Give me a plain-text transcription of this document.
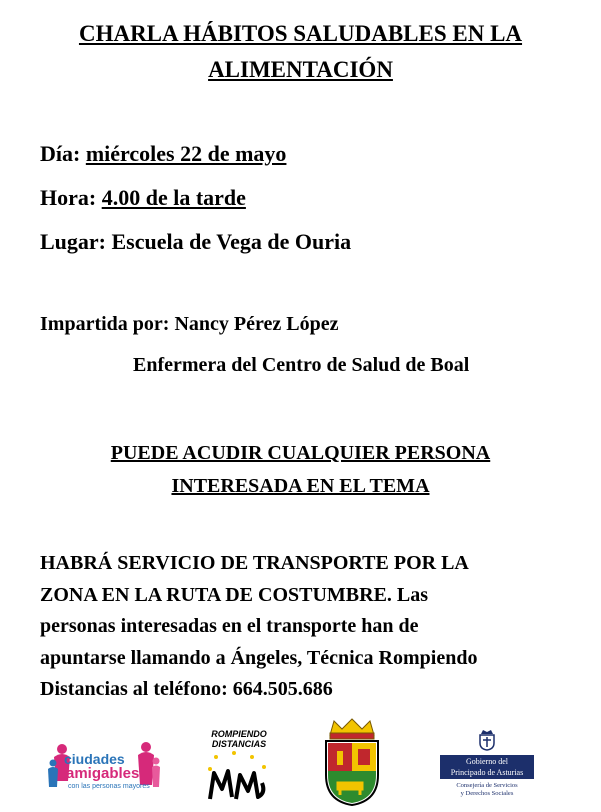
CHARLA HÁBITOS SALUDABLES EN LA
ALIMENTACIÓN
Día: miércoles 22 de mayo
Hora: 4.00 de la tarde
Lugar: Escuela de Vega de Ouria
Impartida por: Nancy Pérez López
Enfermera del Centro de Salud de Boal
PUEDE ACUDIR CUALQUIER PERSONA
INTERESADA EN EL TEMA
HABRÁ SERVICIO DE TRANSPORTE POR LA
ZONA EN LA RUTA DE COSTUMBRE. Las
personas interesadas en el transporte han de
apuntarse llamando a Ángeles, Técnica Rompiendo
Distancias al teléfono: 664.505.686
ciudades
amigables
con las personas mayores
ROMPIENDO
DISTANCIAS
Gobierno del
Principado de Asturias
Consejería de Servicios
y Derechos Sociales
